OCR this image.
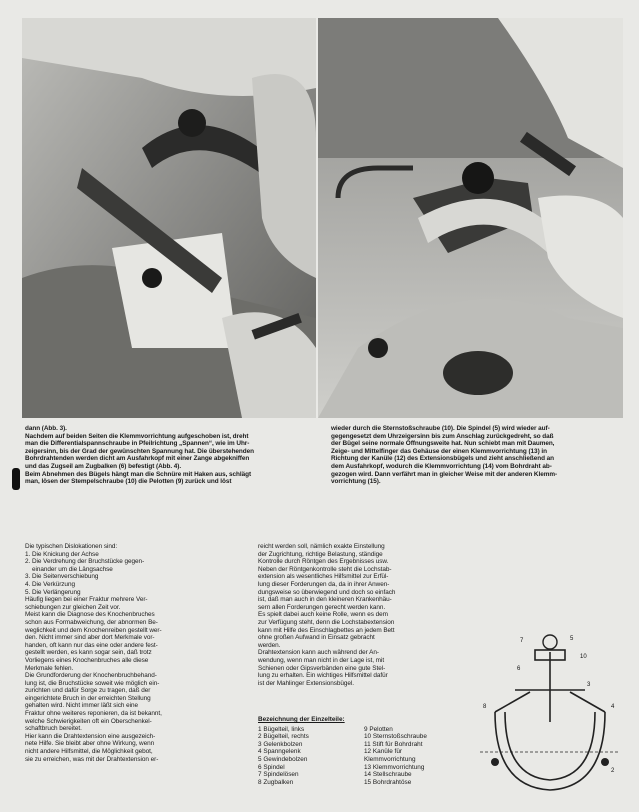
dann (Abb. 3).
Nachdem auf beiden Seiten die Klemmvorrichtung aufgeschoben ist, dreht
man die Differentialspannschraube in Pfeilrichtung „Spannen“, wie im Uhr-
zeigersinn, bis der Grad der gewünschten Spannung hat. Die überstehenden
Bohrdrahtenden werden dicht am Ausfahrkopf mit einer Zange abgekniffen
und das Zugseil am Zugbalken (6) befestigt (Abb. 4).
Beim Abnehmen des Bügels hängt man die Schnüre mit Haken aus, schlägt
man, lösen der Stempelschraube (10) die Pelotten (9) zurück und löst
wieder durch die Sternstoßschraube (10). Die Spindel (5) wird wieder auf-
gegengesetzt dem Uhrzeigersinn bis zum Anschlag zurückgedreht, so daß
der Bügel seine normale Öffnungsweite hat. Nun schiebt man mit Daumen,
Zeige- und Mittelfinger das Gehäuse der einen Klemmvorrichtung (13) in
Richtung der Kanüle (12) des Extensionsbügels und zieht anschließend an
dem Ausfahrkopf, wodurch die Klemmvorrichtung (14) vom Bohrdraht ab-
gezogen wird. Dann verfährt man in gleicher Weise mit der anderen Klemm-
vorrichtung (15).
Die typischen Dislokationen sind:
1. Die Knickung der Achse
2. Die Verdrehung der Bruchstücke gegen-
einander um die Längsachse
3. Die Seitenverschiebung
4. Die Verkürzung
5. Die Verlängerung
Häufig liegen bei einer Fraktur mehrere Ver-
schiebungen zur gleichen Zeit vor.
Meist kann die Diagnose des Knochenbruches
schon aus Formabweichung, der abnormen Be-
weglichkeit und dem Knochenreiben gestellt wer-
den. Nicht immer sind aber dort Merkmale vor-
handen, oft kann nur das eine oder andere fest-
gestellt werden, es kann sogar sein, daß trotz
Vorliegens eines Knochenbruches alle diese
Merkmale fehlen.
Die Grundforderung der Knochenbruchbehand-
lung ist, die Bruchstücke soweit wie möglich ein-
zurichten und dafür Sorge zu tragen, daß der
eingerichtete Bruch in der erreichten Stellung
gehalten wird. Nicht immer läßt sich eine
Fraktur ohne weiteres reponieren, da ist bekannt,
welche Schwierigkeiten oft ein Oberschenkel-
schaftbruch bereitet.
Hier kann die Drahtextension eine ausgezeich-
nete Hilfe. Sie bleibt aber ohne Wirkung, wenn
nicht andere Hilfsmittel, die Möglichkeit gebot,
sie zu erreichen, was mit der Drahtextension er-
reicht werden soll, nämlich exakte Einstellung
der Zugrichtung, richtige Belastung, ständige
Kontrolle durch Röntgen des Ergebnisses usw.
Neben der Röntgenkontrolle steht die Lochstab-
extension als wesentliches Hilfsmittel zur Erfül-
lung dieser Forderungen da, da in ihrer Anwen-
dungsweise so überwiegend und doch so einfach
ist, daß man auch in den kleineren Krankenhäu-
sern allen Forderungen gerecht werden kann.
Es spielt dabei auch keine Rolle, wenn es dem
zur Verfügung steht, denn die Lochstabextension
kann mit Hilfe des Einschlagbettes an jedem Bett
ohne großen Aufwand in Einsatz gebracht
werden.
Drahtextension kann auch während der An-
wendung, wenn man nicht in der Lage ist, mit
Schienen oder Gipsverbänden eine gute Stel-
lung zu erhalten. Ein wichtiges Hilfsmittel dafür
ist der Mahlinger Extensionsbügel.
Bezeichnung der Einzelteile:
1 Bügelteil, links
2 Bügelteil, rechts
3 Gelenkbolzen
4 Spanngelenk
5 Gewindebolzen
6 Spindel
7 Spindelösen
8 Zugbalken
9 Pelotten
10 Sternstoßschraube
11 Stift für Bohrdraht
12 Kanüle für
Klemmvorrichtung
13 Klemmvorrichtung
14 Stellschraube
15 Bohrdrahtöse
5
10
7
6
3
8	4
2
